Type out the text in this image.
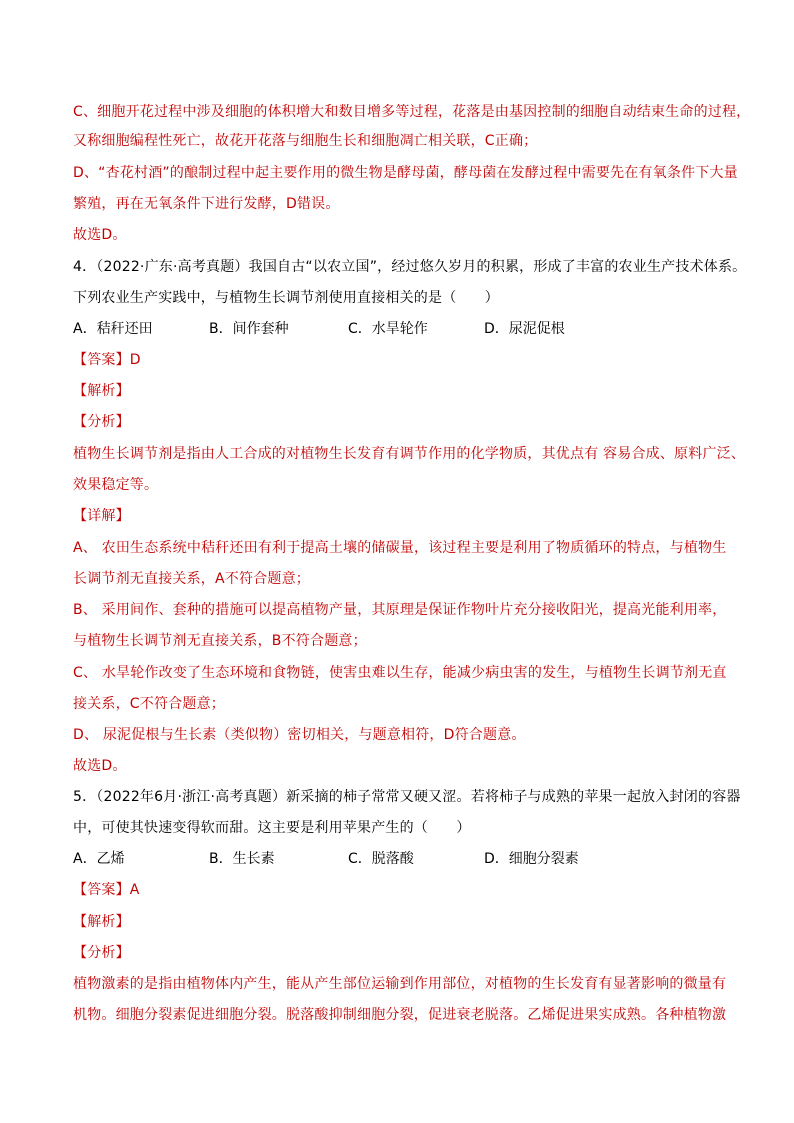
C、细胞开花过程中涉及细胞的体积增大和数目增多等过程，花落是由基因控制的细胞自动结束生命的过程，
又称细胞编程性死亡，故花开花落与细胞生长和细胞凋亡相关联，C正确；
D、“杏花村酒”的酿制过程中起主要作用的微生物是酵母菌，酵母菌在发酵过程中需要先在有氧条件下大量
繁殖，再在无氧条件下进行发酵，D错误。
故选D。
4．（2022·广东·高考真题）我国自古“以农立国”，经过悠久岁月的积累，形成了丰富的农业生产技术体系。
下列农业生产实践中，与植物生长调节剂使用直接相关的是（　　）
A．秸秆还田	B．间作套种	C．水旱轮作	D．尿泥促根
【答案】D
【解析】
【分析】
植物生长调节剂是指由人工合成的对植物生长发育有调节作用的化学物质，其优点有 容易合成、原料广泛、
效果稳定等。
【详解】
A、 农田生态系统中秸秆还田有利于提高土壤的储碳量，该过程主要是利用了物质循环的特点，与植物生
长调节剂无直接关系，A不符合题意；
B、 采用间作、套种的措施可以提高植物产量，其原理是保证作物叶片充分接收阳光，提高光能利用率，
与植物生长调节剂无直接关系，B不符合题意；
C、 水旱轮作改变了生态环境和食物链，使害虫难以生存，能减少病虫害的发生，与植物生长调节剂无直
接关系，C不符合题意；
D、 尿泥促根与生长素（类似物）密切相关，与题意相符，D符合题意。
故选D。
5．（2022年6月·浙江·高考真题）新采摘的柿子常常又硬又涩。若将柿子与成熟的苹果一起放入封闭的容器
中，可使其快速变得软而甜。这主要是利用苹果产生的（　　）
A．乙烯	B．生长素	C．脱落酸	D．细胞分裂素
【答案】A
【解析】
【分析】
植物激素的是指由植物体内产生，能从产生部位运输到作用部位，对植物的生长发育有显著影响的微量有
机物。细胞分裂素促进细胞分裂。脱落酸抑制细胞分裂，促进衰老脱落。乙烯促进果实成熟。各种植物激
